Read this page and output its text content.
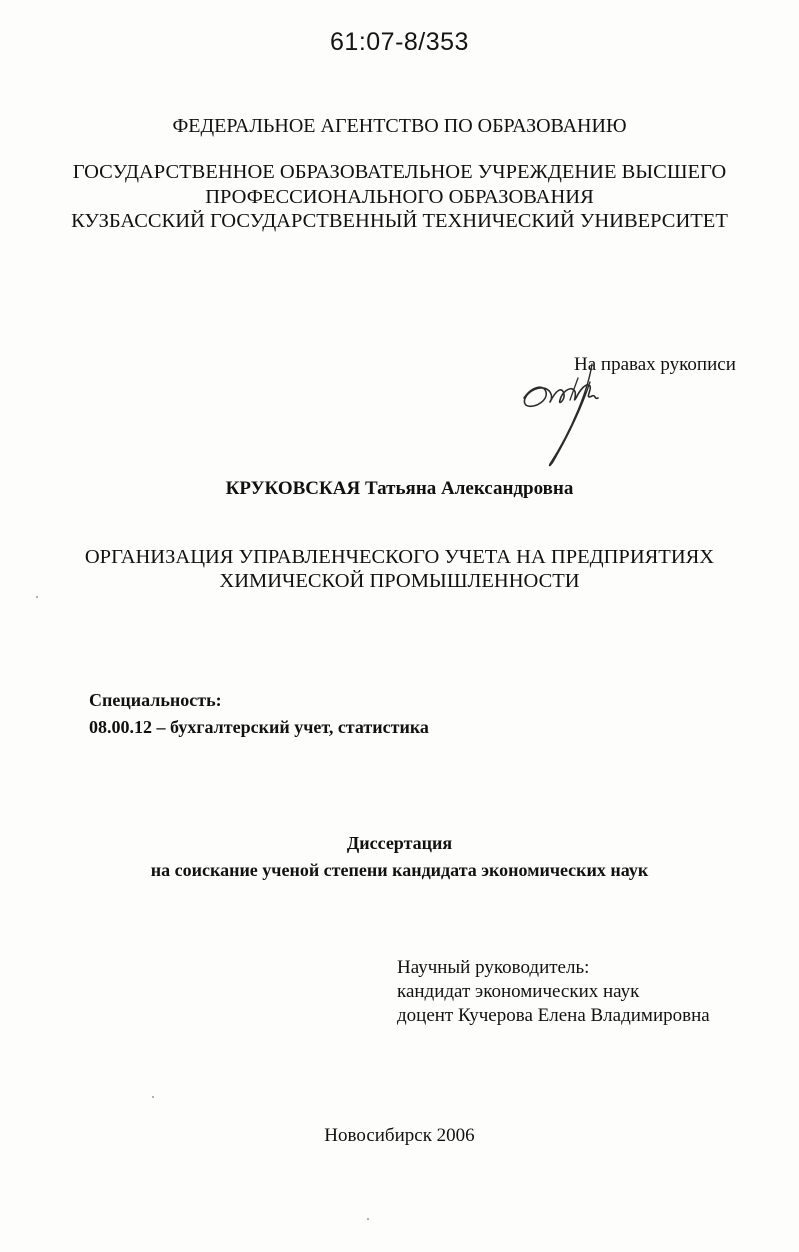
61:07-8/353
ФЕДЕРАЛЬНОЕ АГЕНТСТВО ПО ОБРАЗОВАНИЮ
ГОСУДАРСТВЕННОЕ ОБРАЗОВАТЕЛЬНОЕ УЧРЕЖДЕНИЕ ВЫСШЕГО
ПРОФЕССИОНАЛЬНОГО ОБРАЗОВАНИЯ
КУЗБАССКИЙ ГОСУДАРСТВЕННЫЙ ТЕХНИЧЕСКИЙ УНИВЕРСИТЕТ
На правах рукописи
КРУКОВСКАЯ Татьяна Александровна
ОРГАНИЗАЦИЯ УПРАВЛЕНЧЕСКОГО УЧЕТА НА ПРЕДПРИЯТИЯХ
ХИМИЧЕСКОЙ ПРОМЫШЛЕННОСТИ
Специальность:
08.00.12 – бухгалтерский учет, статистика
Диссертация
на соискание ученой степени кандидата экономических наук
Научный руководитель:
кандидат экономических наук
доцент Кучерова Елена Владимировна
Новосибирск 2006
